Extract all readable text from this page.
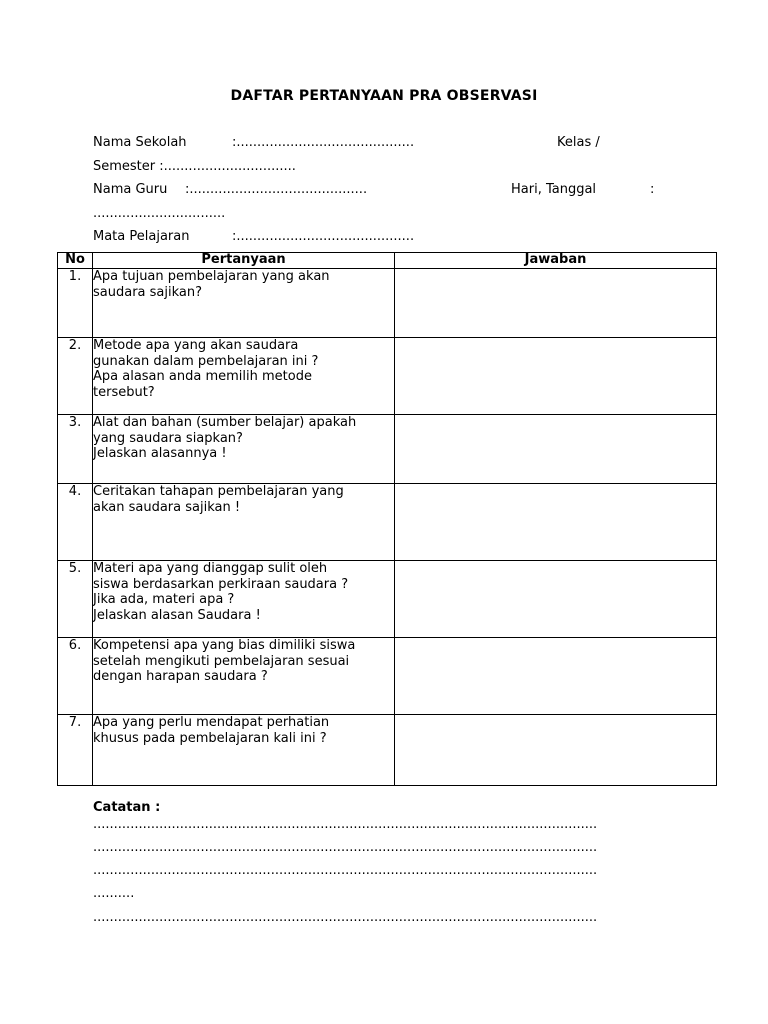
DAFTAR PERTANYAAN PRA OBSERVASI
Nama Sekolah	:...........................................	Kelas /
Semester :................................
Nama Guru :...........................................	Hari, Tanggal	:
................................
Mata Pelajaran	:...........................................
No	Pertanyaan	Jawaban
1.	Apa tujuan pembelajaran yang akan
saudara sajikan?	

2.	Metode apa yang akan saudara
gunakan dalam pembelajaran ini ?
Apa alasan anda memilih metode
tersebut?	

3.	Alat dan bahan (sumber belajar) apakah
yang saudara siapkan?
Jelaskan alasannya !	

4.	Ceritakan tahapan pembelajaran yang
akan saudara sajikan !	

5.	Materi apa yang dianggap sulit oleh
siswa berdasarkan perkiraan saudara ?
Jika ada, materi apa ?
Jelaskan alasan Saudara !	

6.	Kompetensi apa yang bias dimiliki siswa
setelah mengikuti pembelajaran sesuai
dengan harapan saudara ?	

7.	Apa yang perlu mendapat perhatian
khusus pada pembelajaran kali ini ?	

Catatan :
..........................................................................................................................
..........................................................................................................................
..........................................................................................................................
..........
..........................................................................................................................
